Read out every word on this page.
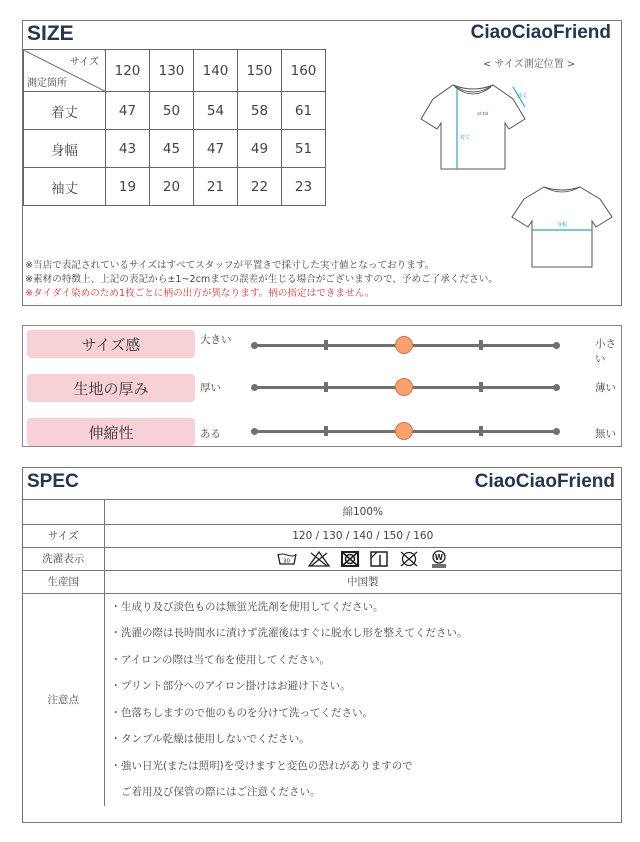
SIZE	CiaoCiaoFriend
サイズ
測定箇所	120	130	140	150	160
着丈	47	50	54	58	61
身幅	43	45	47	49	51
袖丈	19	20	21	22	23
< サイズ測定位置 >
袖丈
着丈
al:tal
身幅
※当店で表記されているサイズはすべてスタッフが平置きで採寸した実寸値となっております。
※素材の特徴上、上記の表記から±1~2cmまでの誤差が生じる場合がございますので、予めご了承ください。
※タイダイ染めのため1枚ごとに柄の出方が異なります。柄の指定はできません。
サイズ感	大きい	小さい
生地の厚み	厚い	薄い
伸縮性	ある	無い
SPEC	CiaoCiaoFriend
	綿100%
サイズ	120 / 130 / 140 / 150 / 160
洗濯表示	30 W

生産国	中国製
注意点	
・生成り及び淡色ものは無蛍光洗剤を使用してください。
・洗濯の際は長時間水に漬けず洗濯後はすぐに脱水し形を整えてください。
・アイロンの際は当て布を使用してください。
・プリント部分へのアイロン掛けはお避け下さい。
・色落ちしますので他のものを分けて洗ってください。
・タンブル乾燥は使用しないでください。
・強い日光(または照明)を受けますと変色の恐れがありますので
　ご着用及び保管の際にはご注意ください。
